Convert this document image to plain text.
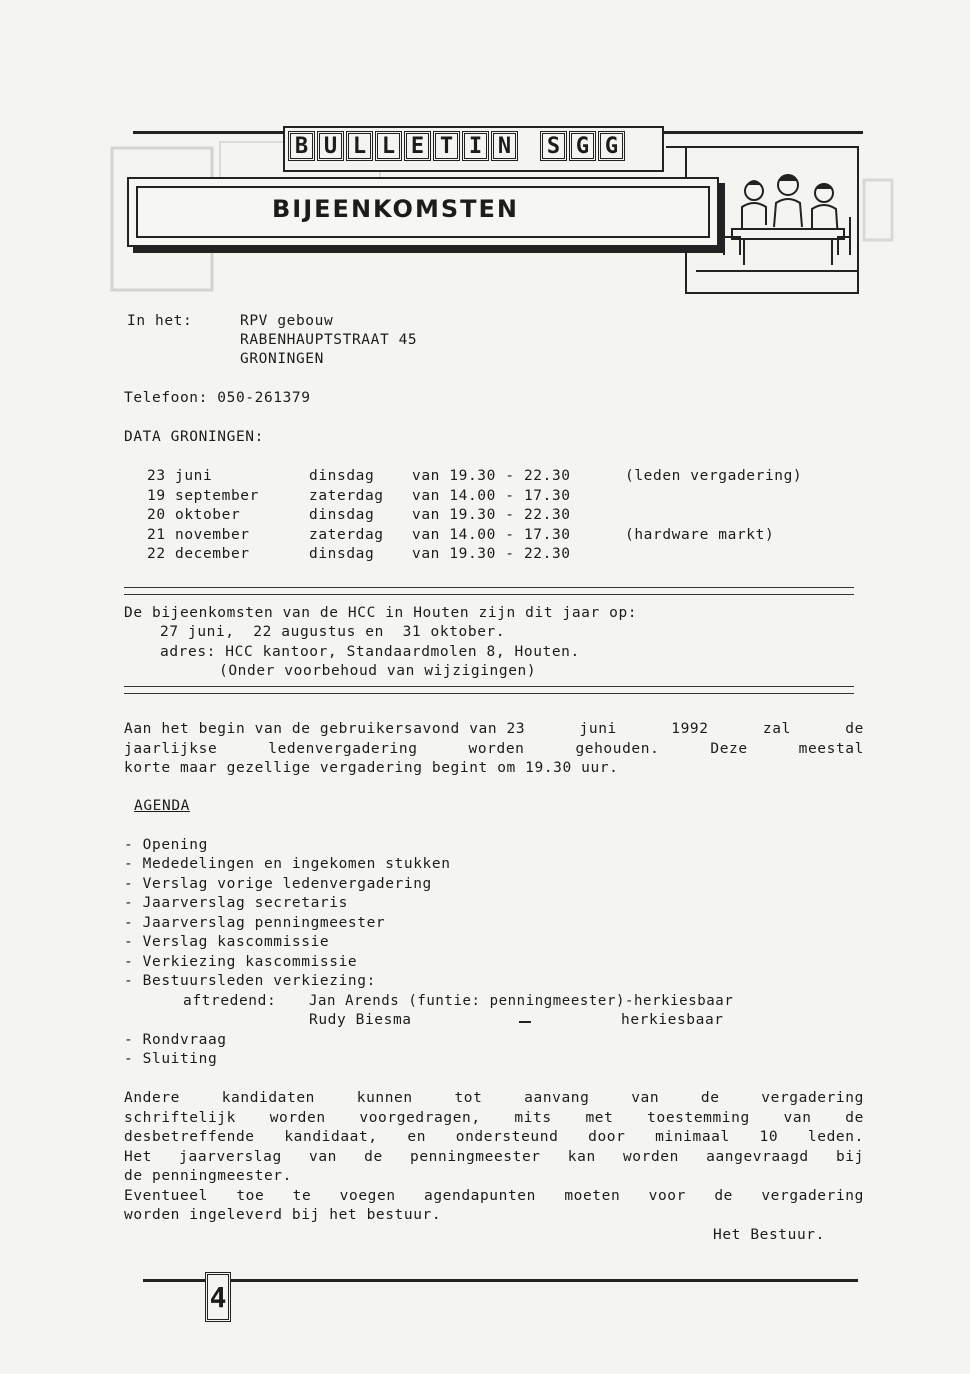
B U L L E T I N	S G G
BIJEENKOMSTEN
In het:	RPV gebouw
RABENHAUPTSTRAAT 45
GRONINGEN
Telefoon: 050-261379
DATA GRONINGEN:
23 juni	dinsdag	van 19.30 - 22.30	(leden vergadering)
19 september	zaterdag van 14.00 - 17.30
20 oktober	dinsdag	van 19.30 - 22.30
21 november	zaterdag van 14.00 - 17.30	(hardware markt)
22 december	dinsdag	van 19.30 - 22.30
De bijeenkomsten van de HCC in Houten zijn dit jaar op:
27 juni,  22 augustus en  31 oktober.
adres: HCC kantoor, Standaardmolen 8, Houten.
(Onder voorbehoud van wijzigingen)
Aan het begin van de gebruikersavond van 23	juni	1992	zal	de
jaarlijkse	ledenvergadering	worden	gehouden.	Deze	meestal
korte maar gezellige vergadering begint om 19.30 uur.
AGENDA
- Opening
- Mededelingen en ingekomen stukken
- Verslag vorige ledenvergadering
- Jaarverslag secretaris
- Jaarverslag penningmeester
- Verslag kascommissie
- Verkiezing kascommissie
- Bestuursleden verkiezing:
aftredend: Jan Arends (funtie: penningmeester)-herkiesbaar
Rudy Biesma	herkiesbaar
- Rondvraag
- Sluiting
Andere	kandidaten	kunnen	tot	aanvang	van	de	vergadering
schriftelijk worden voorgedragen, mits met toestemming van de
desbetreffende kandidaat, en ondersteund door minimaal 10 leden.
Het jaarverslag van de penningmeester kan worden aangevraagd bij
de penningmeester.
Eventueel toe te voegen agendapunten moeten voor de vergadering
worden ingeleverd bij het bestuur.
Het Bestuur.
4
